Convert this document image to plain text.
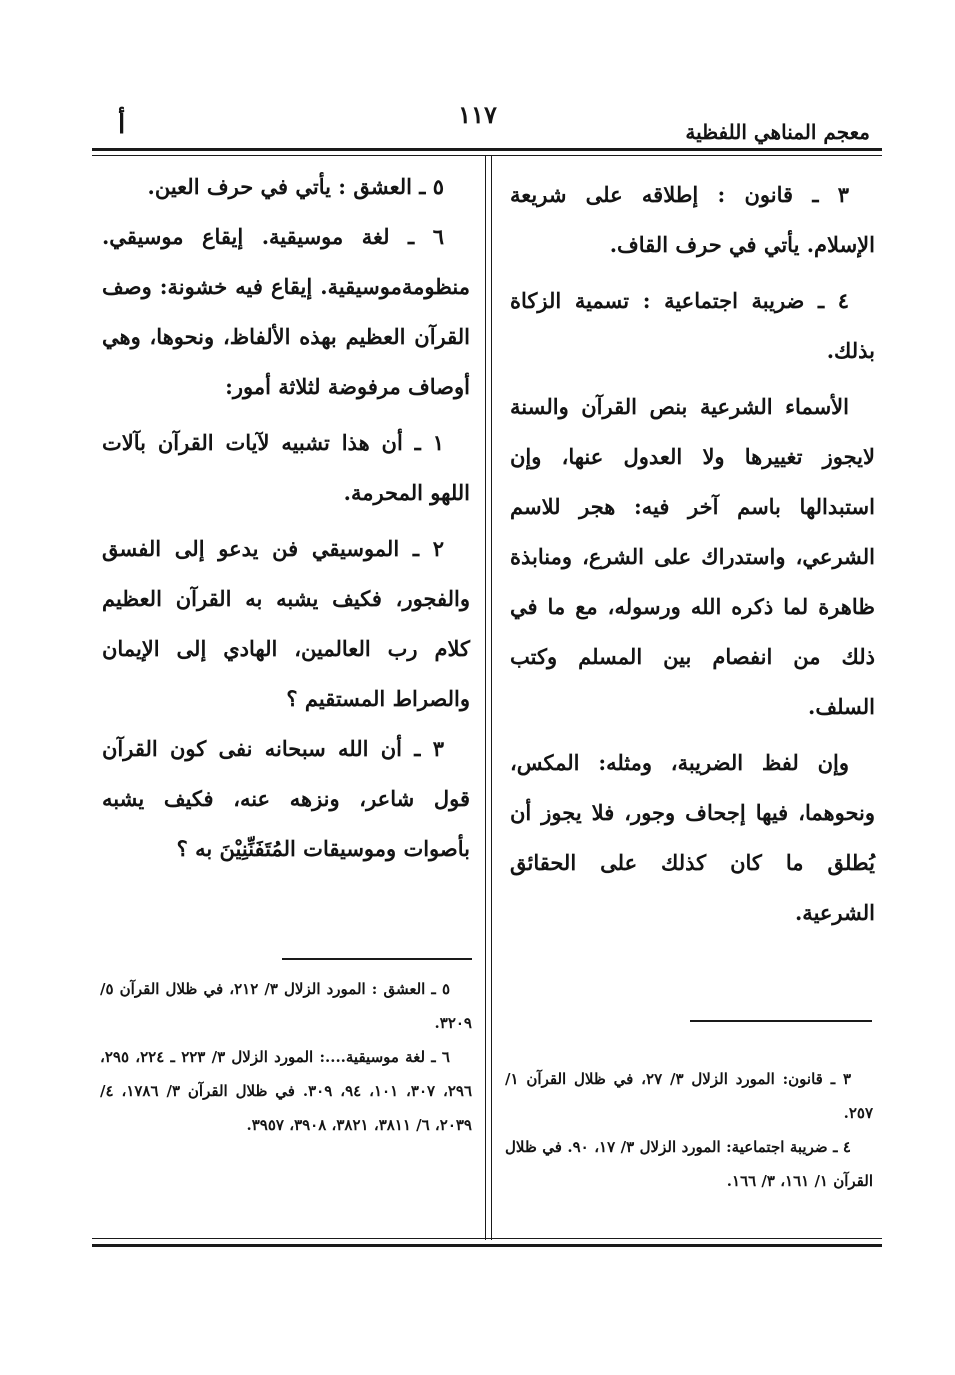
معجم المناهي اللفظية
١١٧
أ

٣ ـ قانون : إطلاقه على شريعة الإسلام. يأتي في حرف القاف.

٤ ـ ضريبة اجتماعية : تسمية الزكاة بذلك.

الأسماء الشرعية بنص القرآن والسنة لايجوز تغييرها ولا العدول عنها، وإن استبدالها باسم آخر فيه: هجر للاسم الشرعي، واستدراك على الشرع، ومنابذة ظاهرة لما ذكره الله ورسوله، مع ما في ذلك من انفصام بين المسلم وكتب السلف.

وإن لفظ الضريبة، ومثله: المكس، ونحوهما، فيها إجحاف وجور، فلا يجوز أن يُطلق ما كان كذلك على الحقائق الشرعية.

٣ ـ قانون: المورد الزلال ٣/ ٢٧، في ظلال القرآن ١/ ٢٥٧.

٤ ـ ضريبة اجتماعية: المورد الزلال ٣/ ١٧، ٩٠. في ظلال القرآن ١/ ١٦١، ٣/ ١٦٦.

٥ ـ العشق : يأتي في حرف العين.

٦ ـ لغة موسيقية. إيقاع موسيقي. منظومةموسيقية. إيقاع فيه خشونة: وصف القرآن العظيم بهذه الألفاظ، ونحوها، وهي أوصاف مرفوضة لثلاثة أمور:

١ ـ أن هذا تشبيه لآيات القرآن بآلات اللهو المحرمة.

٢ ـ الموسيقي فن يدعو إلى الفسق والفجور، فكيف يشبه به القرآن العظيم كلام رب العالمين، الهادي إلى الإيمان والصراط المستقيم ؟

٣ ـ أن الله سبحانه نفى كون القرآن قول شاعر، ونزهه عنه، فكيف يشبه بأصوات وموسيقات المُتَفَنِّنِيْنَ به ؟

٥ ـ العشق : المورد الزلال ٣/ ٢١٢، في ظلال القرآن ٥/ ٣٢٠٩.

٦ ـ لغة موسيقية....: المورد الزلال ٣/ ٢٢٣ ـ ٢٢٤، ٢٩٥، ٢٩٦، ٣٠٧، ١٠١، ٩٤، ٣٠٩. في ظلال القرآن ٣/ ١٧٨٦، ٤/ ٢٠٣٩، ٦/ ٣٨١١، ٣٨٢١، ٣٩٠٨، ٣٩٥٧.
